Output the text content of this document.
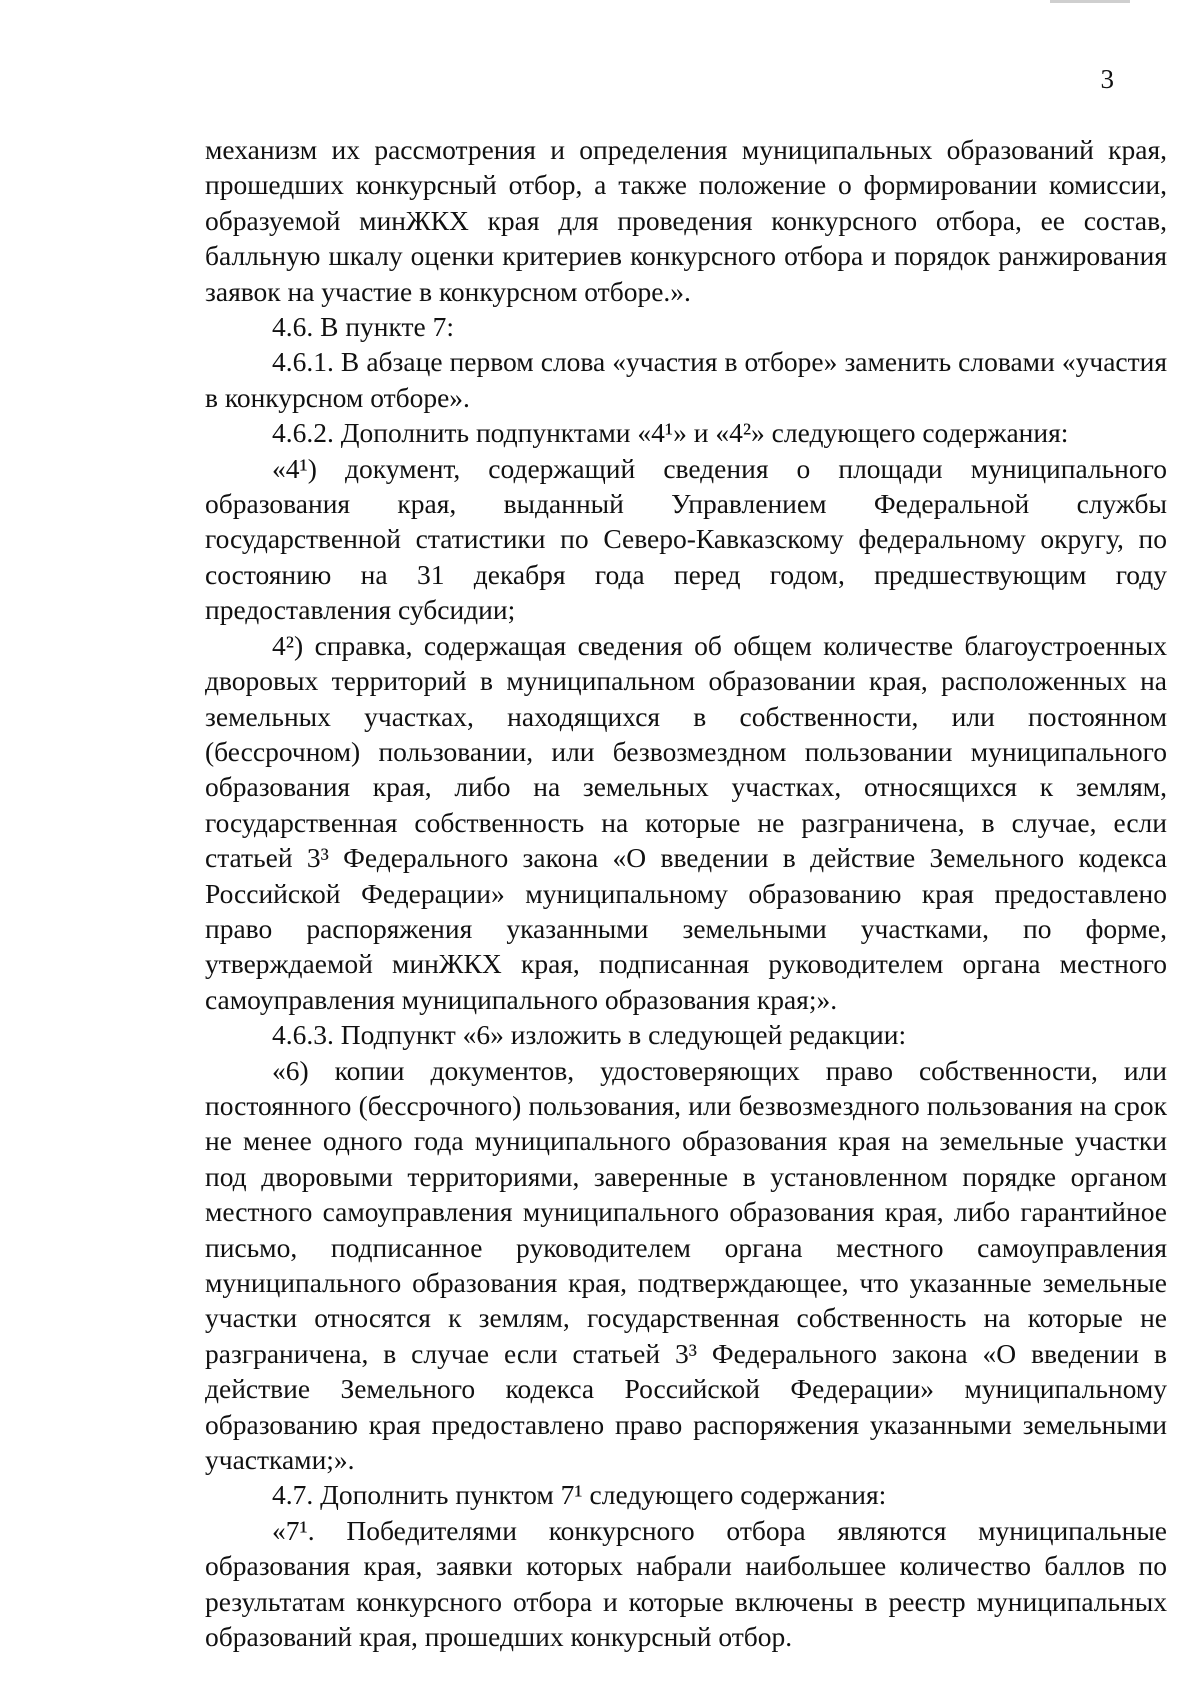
3

механизм их рассмотрения и определения муниципальных образований края, прошедших конкурсный отбор, а также положение о формировании комиссии, образуемой минЖКХ края для проведения конкурсного отбора, ее состав, балльную шкалу оценки критериев конкурсного отбора и порядок ранжирования заявок на участие в конкурсном отборе.».

4.6. В пункте 7:

4.6.1. В абзаце первом слова «участия в отборе» заменить словами «участия в конкурсном отборе».

4.6.2. Дополнить подпунктами «4¹» и «4²» следующего содержания:

«4¹) документ, содержащий сведения о площади муниципального образования края, выданный Управлением Федеральной службы государственной статистики по Северо-Кавказскому федеральному округу, по состоянию на 31 декабря года перед годом, предшествующим году предоставления субсидии;

4²) справка, содержащая сведения об общем количестве благоустроенных дворовых территорий в муниципальном образовании края, расположенных на земельных участках, находящихся в собственности, или постоянном (бессрочном) пользовании, или безвозмездном пользовании муниципального образования края, либо на земельных участках, относящихся к землям, государственная собственность на которые не разграничена, в случае, если статьей 3³ Федерального закона «О введении в действие Земельного кодекса Российской Федерации» муниципальному образованию края предоставлено право распоряжения указанными земельными участками, по форме, утверждаемой минЖКХ края, подписанная руководителем органа местного самоуправления муниципального образования края;».

4.6.3. Подпункт «6» изложить в следующей редакции:

«6) копии документов, удостоверяющих право собственности, или постоянного (бессрочного) пользования, или безвозмездного пользования на срок не менее одного года муниципального образования края на земельные участки под дворовыми территориями, заверенные в установленном порядке органом местного самоуправления муниципального образования края, либо гарантийное письмо, подписанное руководителем органа местного самоуправления муниципального образования края, подтверждающее, что указанные земельные участки относятся к землям, государственная собственность на которые не разграничена, в случае если статьей 3³ Федерального закона «О введении в действие Земельного кодекса Российской Федерации» муниципальному образованию края предоставлено право распоряжения указанными земельными участками;».

4.7. Дополнить пунктом 7¹ следующего содержания:

«7¹. Победителями конкурсного отбора являются муниципальные образования края, заявки которых набрали наибольшее количество баллов по результатам конкурсного отбора и которые включены в реестр муниципальных образований края, прошедших конкурсный отбор.
